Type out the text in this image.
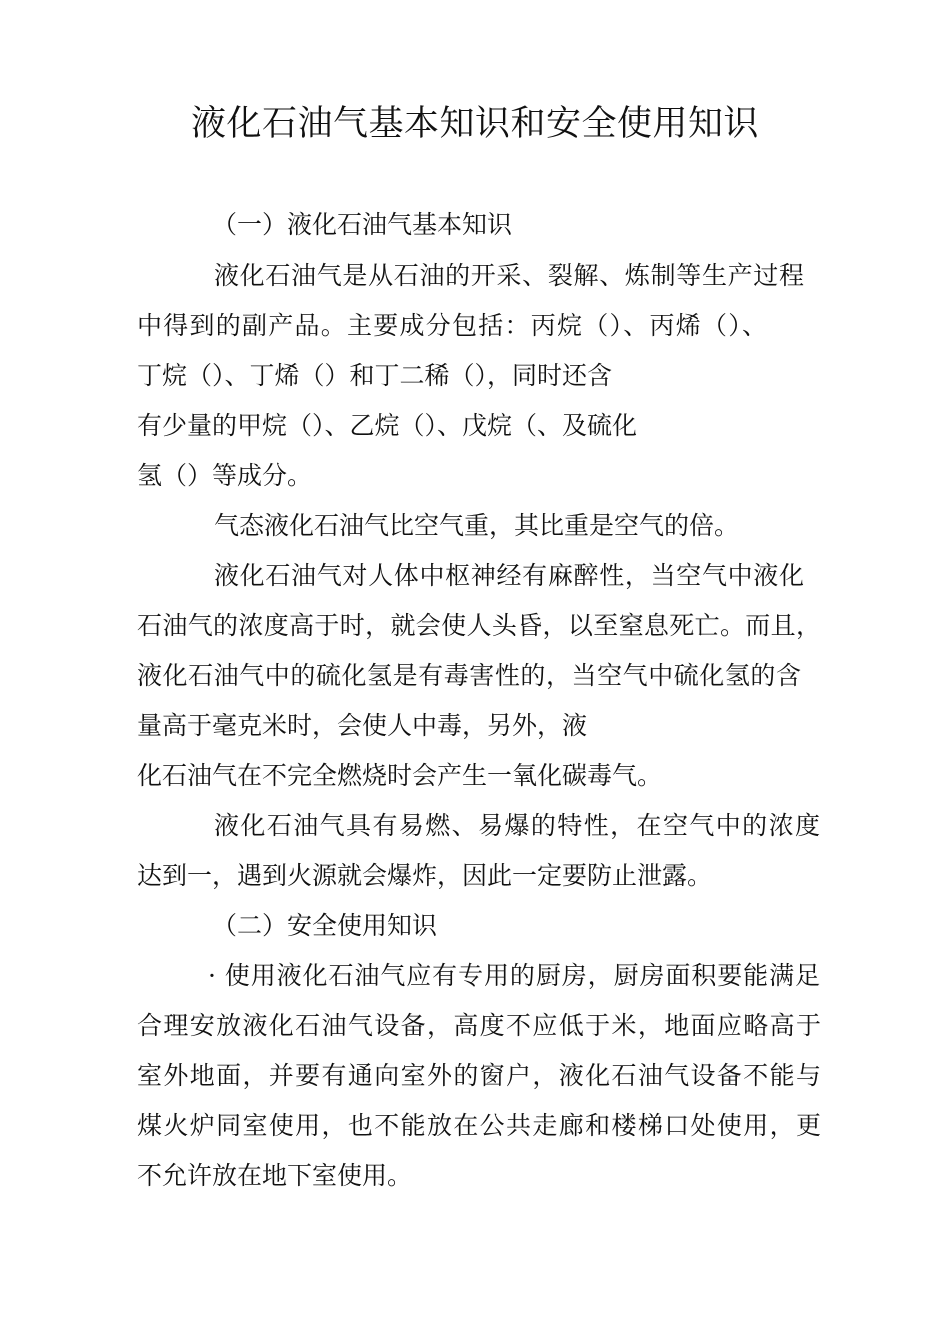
液化石油气基本知识和安全使用知识
（一）液化石油气基本知识
液化石油气是从石油的开采、裂解、炼制等生产过程
中得到的副产品。主要成分包括：丙烷（）、丙烯（）、
丁烷（）、丁烯（）和丁二稀（），同时还含
有少量的甲烷（）、乙烷（）、戊烷（、及硫化
氢（）等成分。
气态液化石油气比空气重，其比重是空气的倍。
液化石油气对人体中枢神经有麻醉性，当空气中液化
石油气的浓度高于时，就会使人头昏，以至窒息死亡。而且，
液化石油气中的硫化氢是有毒害性的，当空气中硫化氢的含
量高于毫克米时，会使人中毒，另外，液
化石油气在不完全燃烧时会产生一氧化碳毒气。
液化石油气具有易燃、易爆的特性，在空气中的浓度
达到一，遇到火源就会爆炸，因此一定要防止泄露。
（二）安全使用知识
· 使用液化石油气应有专用的厨房，厨房面积要能满足
合理安放液化石油气设备，高度不应低于米，地面应略高于
室外地面，并要有通向室外的窗户，液化石油气设备不能与
煤火炉同室使用，也不能放在公共走廊和楼梯口处使用，更
不允许放在地下室使用。
